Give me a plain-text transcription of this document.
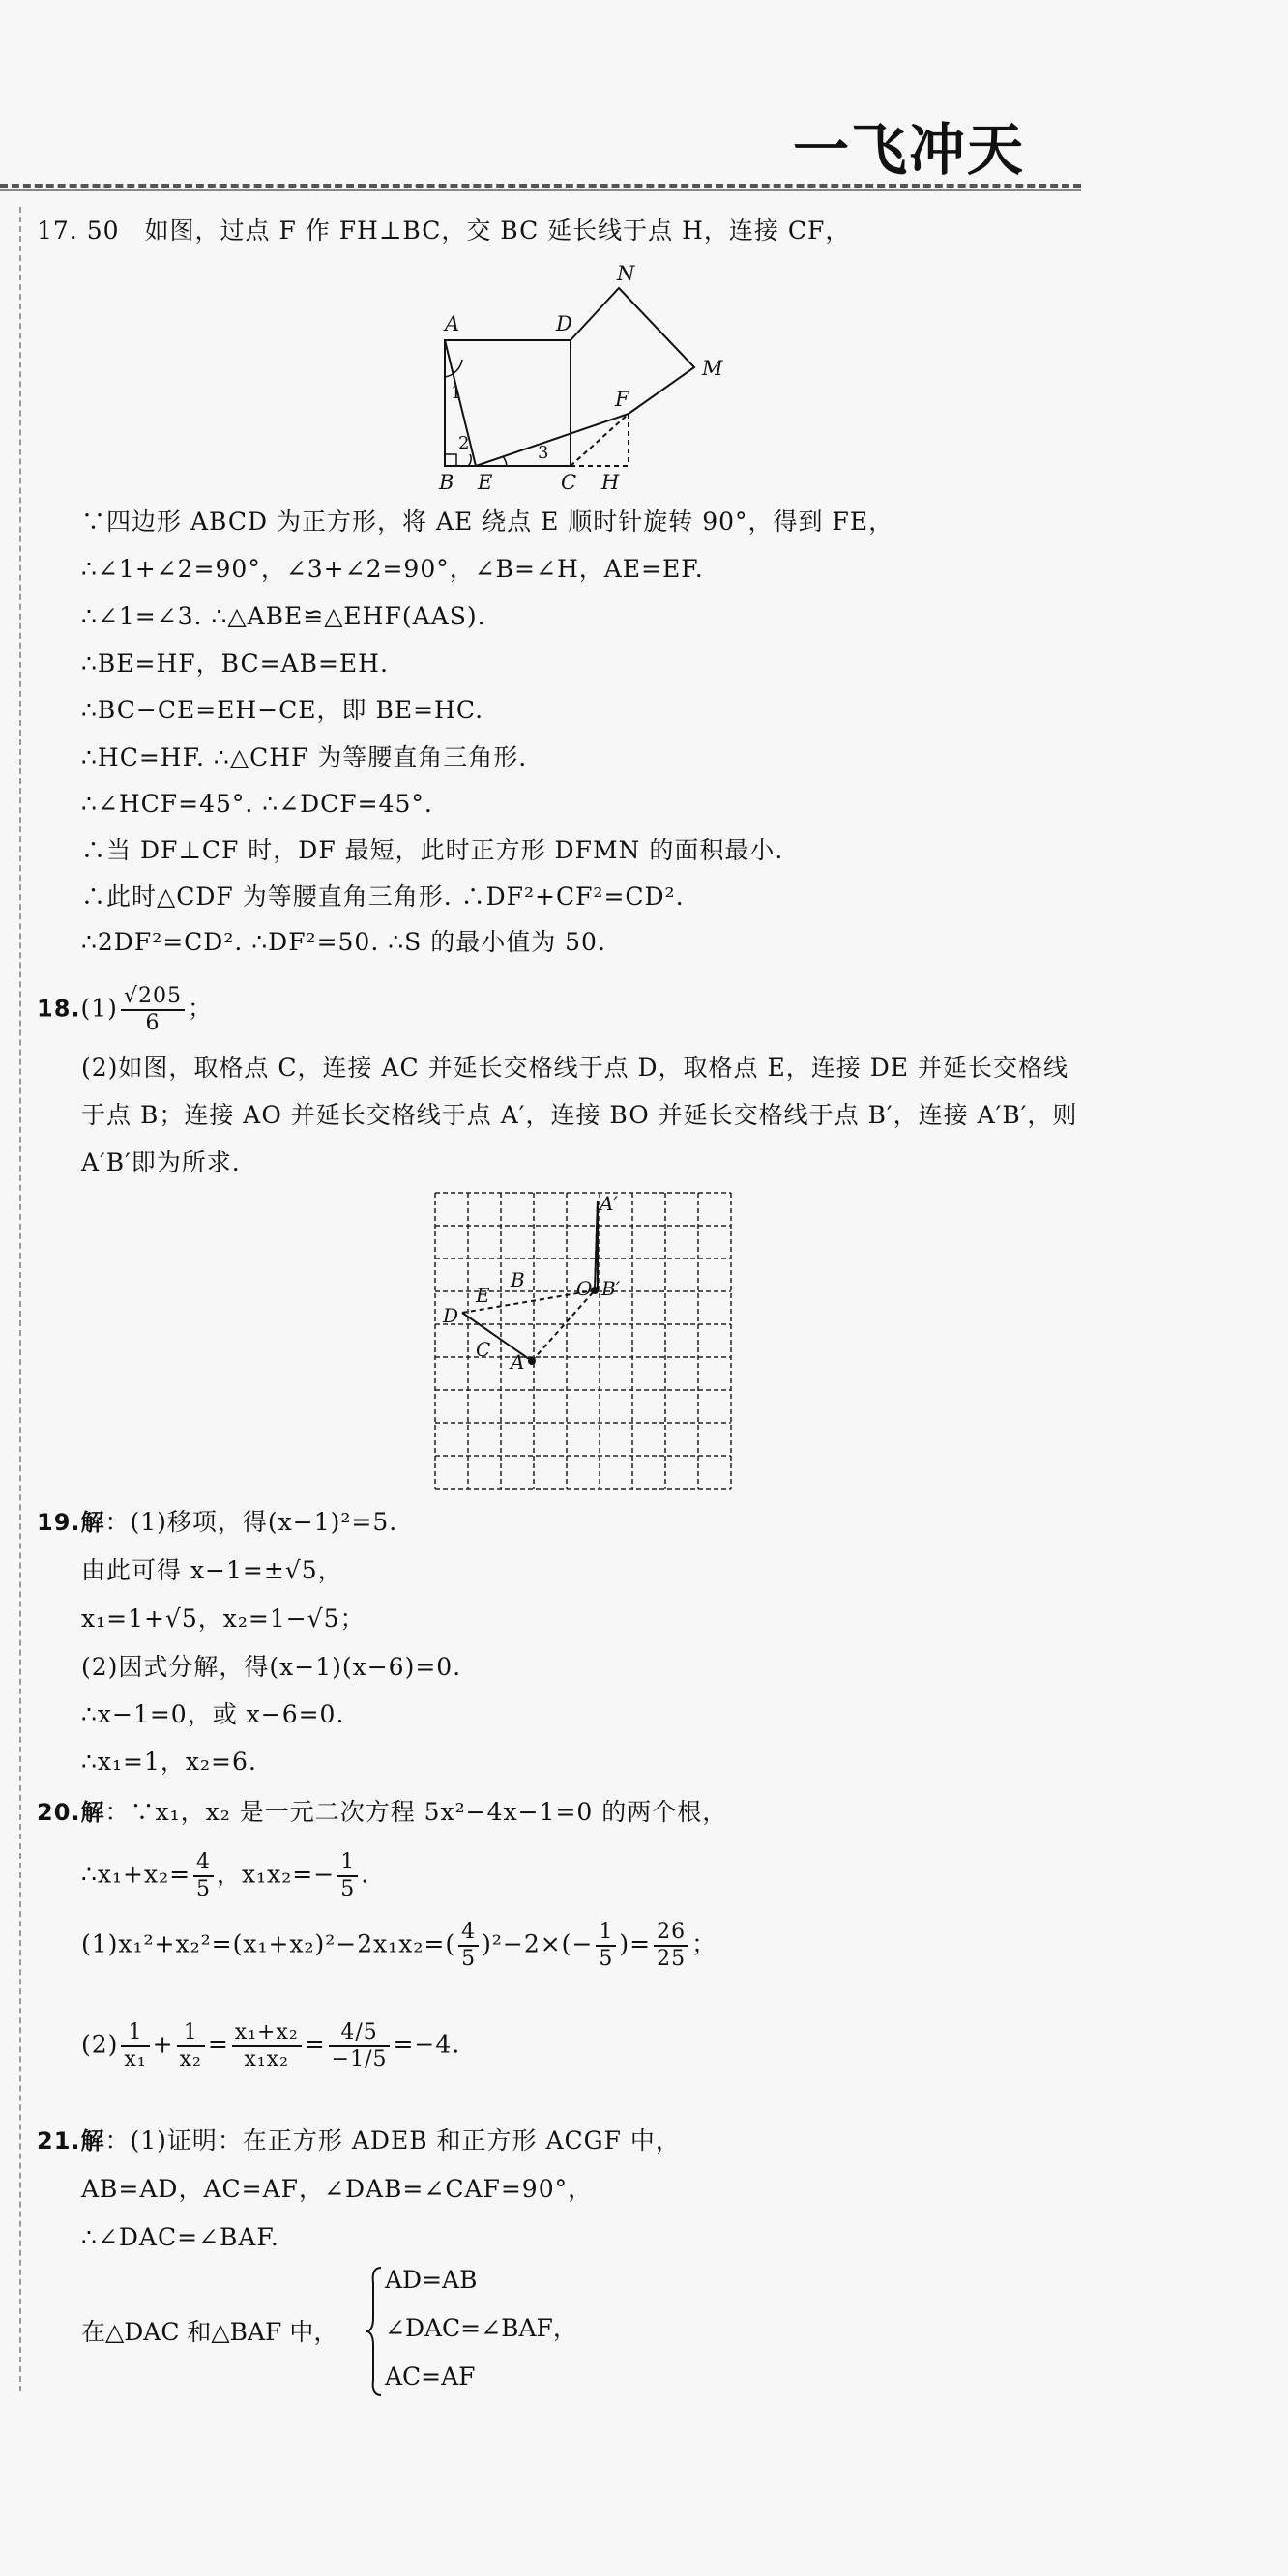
一飞冲天
17. 50　如图，过点 F 作 FH⊥BC，交 BC 延长线于点 H，连接 CF，
A	D
N
M
F
1
2	3
B E	C H
∵四边形 ABCD 为正方形，将 AE 绕点 E 顺时针旋转 90°，得到 FE，
∴∠1+∠2=90°，∠3+∠2=90°，∠B=∠H，AE=EF.
∴∠1=∠3. ∴△ABE≌△EHF(AAS).
∴BE=HF，BC=AB=EH.
∴BC−CE=EH−CE，即 BE=HC.
∴HC=HF. ∴△CHF 为等腰直角三角形.
∴∠HCF=45°. ∴∠DCF=45°.
∴当 DF⊥CF 时，DF 最短，此时正方形 DFMN 的面积最小.
∴此时△CDF 为等腰直角三角形. ∴DF²+CF²=CD².
∴2DF²=CD². ∴DF²=50. ∴S 的最小值为 50.
$18.(1) \frac{√205}{6}$ ；
(2)如图，取格点 C，连接 AC 并延长交格线于点 D，取格点 E，连接 DE 并延长交格线
于点 B；连接 AO 并延长交格线于点 A′，连接 BO 并延长交格线于点 B′，连接 A′B′，则
A′B′即为所求.
A′
B	O B′
E
D
C
A
19.解：(1)移项，得(x−1)²=5.
由此可得 x−1=±√5，
x₁=1+√5，x₂=1−√5；
(2)因式分解，得(x−1)(x−6)=0.
∴x−1=0，或 x−6=0.
∴x₁=1，x₂=6.
20.解：∵x₁，x₂ 是一元二次方程 5x²−4x−1=0 的两个根，
∴x₁+x₂= $\frac{4}{5}$ ，$x_1x_2=- \frac{1}{5}$ .
$(1)x_1^2+x_2^2=(x_1+x_2)^2-2x_1x_2=( \frac{4}{5} )^2-2\times(- \frac{1}{5}$ )= $\frac{26}{25}$ ；
$(2) \frac{1}{\text{x₁}} + \frac{1}{\text{x₂}} = \frac{\text{x₁+x₂}}{\text{x₁x₂}} = \frac{4/5}{-1/5} =-4$.
21.解：(1)证明：在正方形 ADEB 和正方形 ACGF 中，
AB=AD，AC=AF，∠DAB=∠CAF=90°，
∴∠DAC=∠BAF.
在△DAC 和△BAF 中，
AD=AB
∠DAC=∠BAF，
AC=AF
